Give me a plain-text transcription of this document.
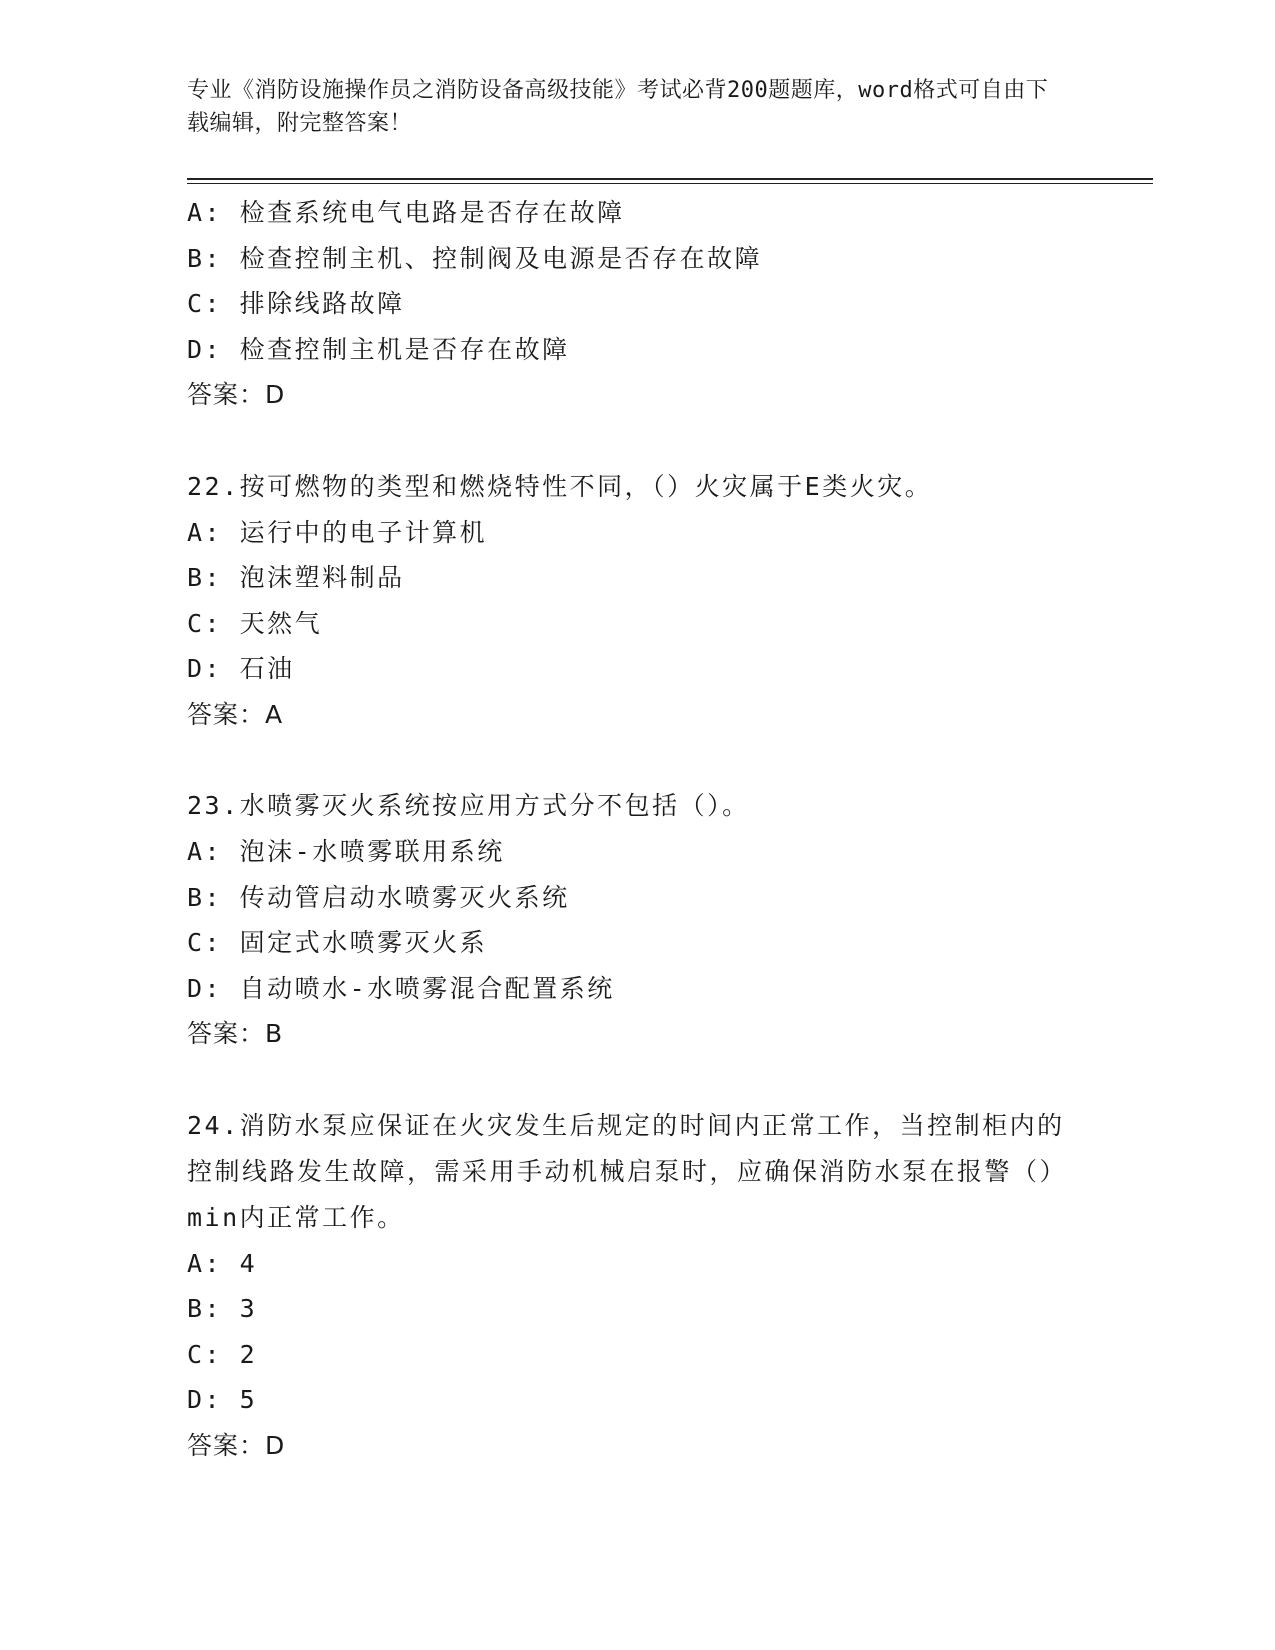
专业《消防设施操作员之消防设备高级技能》考试必背200题题库，word格式可自由下载编辑，附完整答案！
A: 检查系统电气电路是否存在故障
B: 检查控制主机、控制阀及电源是否存在故障
C: 排除线路故障
D: 检查控制主机是否存在故障
答案：D
22.按可燃物的类型和燃烧特性不同，（）火灾属于E类火灾。
A: 运行中的电子计算机
B: 泡沫塑料制品
C: 天然气
D: 石油
答案：A
23.水喷雾灭火系统按应用方式分不包括（）。
A: 泡沫-水喷雾联用系统
B: 传动管启动水喷雾灭火系统
C: 固定式水喷雾灭火系
D: 自动喷水-水喷雾混合配置系统
答案：B
24.消防水泵应保证在火灾发生后规定的时间内正常工作，当控制柜内的控制线路发生故障，需采用手动机械启泵时，应确保消防水泵在报警（）min内正常工作。
A: 4
B: 3
C: 2
D: 5
答案：D
